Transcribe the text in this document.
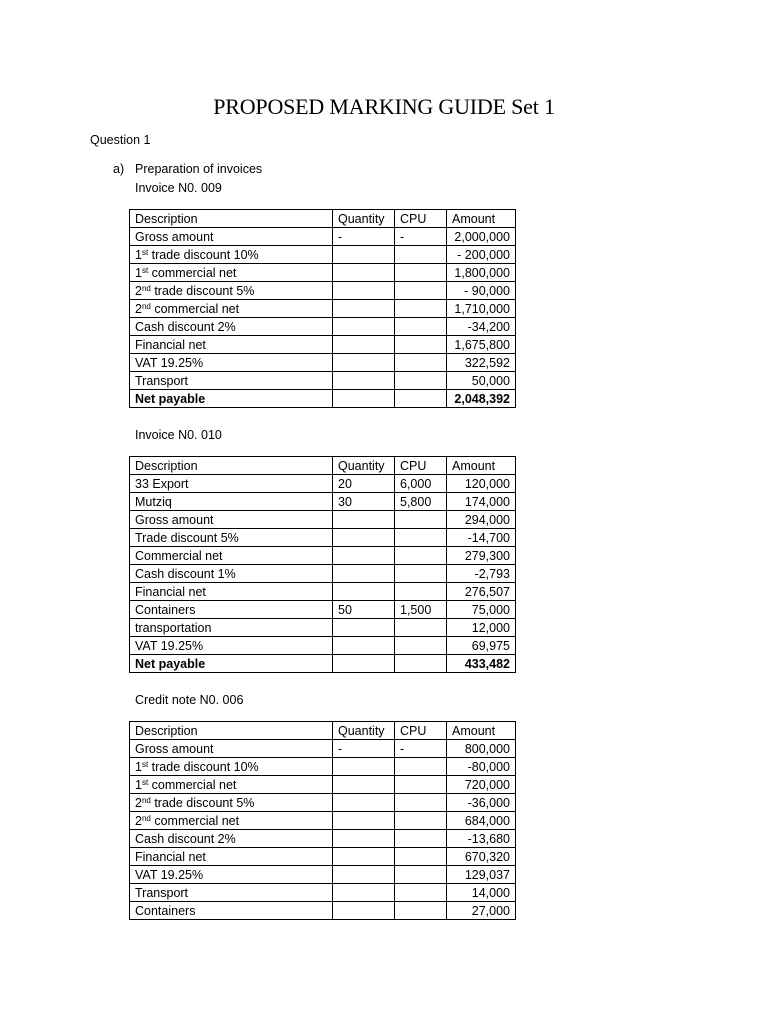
PROPOSED MARKING GUIDE Set 1
Question 1
a) Preparation of invoices
Invoice N0. 009
Description	Quantity	CPU	Amount
Gross amount	-	-	2,000,000
1st trade discount 10%			- 200,000
1st commercial net			1,800,000
2nd trade discount 5%			- 90,000
2nd commercial net			1,710,000
Cash discount 2%			-34,200
Financial net			1,675,800
VAT 19.25%			322,592
Transport			50,000
Net payable			2,048,392
Invoice N0. 010
Description	Quantity	CPU	Amount
33 Export	20	6,000	120,000
Mutziq	30	5,800	174,000
Gross amount			294,000
Trade discount 5%			-14,700
Commercial net			279,300
Cash discount 1%			-2,793
Financial net			276,507
Containers	50	1,500	75,000
transportation			12,000
VAT 19.25%			69,975
Net payable			433,482
Credit note N0. 006
Description	Quantity	CPU	Amount
Gross amount	-	-	800,000
1st trade discount 10%			-80,000
1st commercial net			720,000
2nd trade discount 5%			-36,000
2nd commercial net			684,000
Cash discount 2%			-13,680
Financial net			670,320
VAT 19.25%			129,037
Transport			14,000
Containers			27,000
